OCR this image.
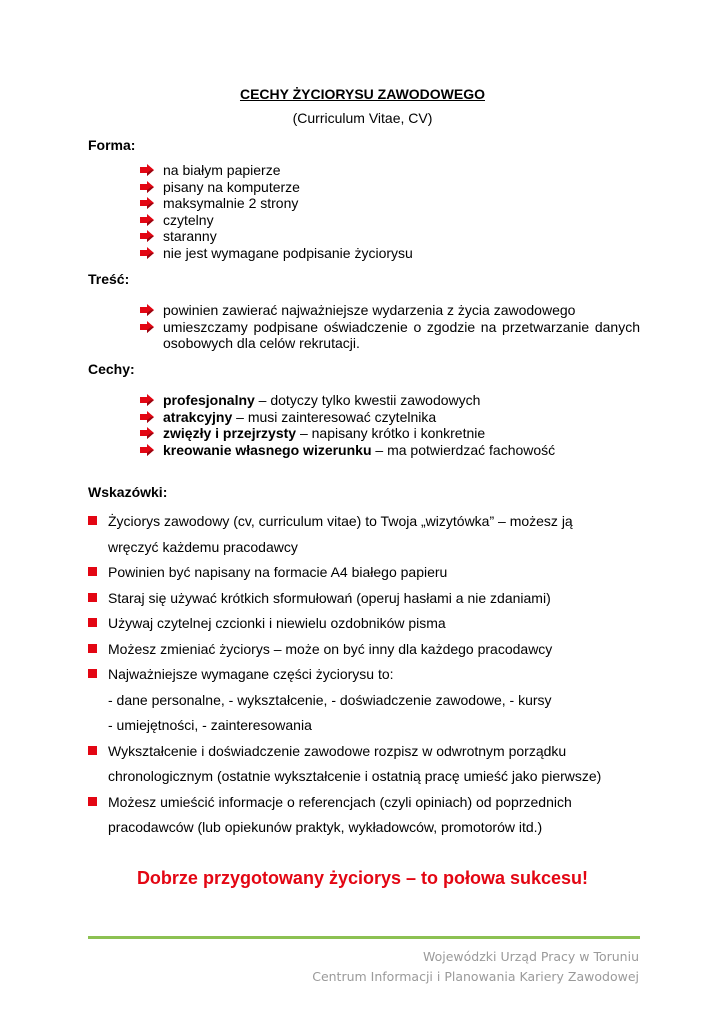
CECHY ŻYCIORYSU ZAWODOWEGO
(Curriculum Vitae, CV)
Forma:
na białym papierze
pisany na komputerze
maksymalnie 2 strony
czytelny
staranny
nie jest wymagane podpisanie życiorysu
Treść:
powinien zawierać najważniejsze wydarzenia z życia zawodowego
umieszczamy podpisane oświadczenie o zgodzie na przetwarzanie danych osobowych dla celów rekrutacji.
Cechy:
profesjonalny – dotyczy tylko kwestii zawodowych
atrakcyjny – musi zainteresować czytelnika
zwięzły i przejrzysty – napisany krótko i konkretnie
kreowanie własnego wizerunku – ma potwierdzać fachowość
Wskazówki:
Życiorys zawodowy (cv, curriculum vitae) to Twoja „wizytówka” – możesz ją
wręczyć każdemu pracodawcy
Powinien być napisany na formacie A4 białego papieru
Staraj się używać krótkich sformułowań (operuj hasłami a nie zdaniami)
Używaj czytelnej czcionki i niewielu ozdobników pisma
Możesz zmieniać życiorys – może on być inny dla każdego pracodawcy
Najważniejsze wymagane części życiorysu to:
- dane personalne, - wykształcenie, - doświadczenie zawodowe, - kursy
- umiejętności, - zainteresowania
Wykształcenie i doświadczenie zawodowe rozpisz w odwrotnym porządku
chronologicznym (ostatnie wykształcenie i ostatnią pracę umieść jako pierwsze)
Możesz umieścić informacje o referencjach (czyli opiniach) od poprzednich
pracodawców (lub opiekunów praktyk, wykładowców, promotorów itd.)
Dobrze przygotowany życiorys – to połowa sukcesu!
Wojewódzki Urząd Pracy w Toruniu
Centrum Informacji i Planowania Kariery Zawodowej
